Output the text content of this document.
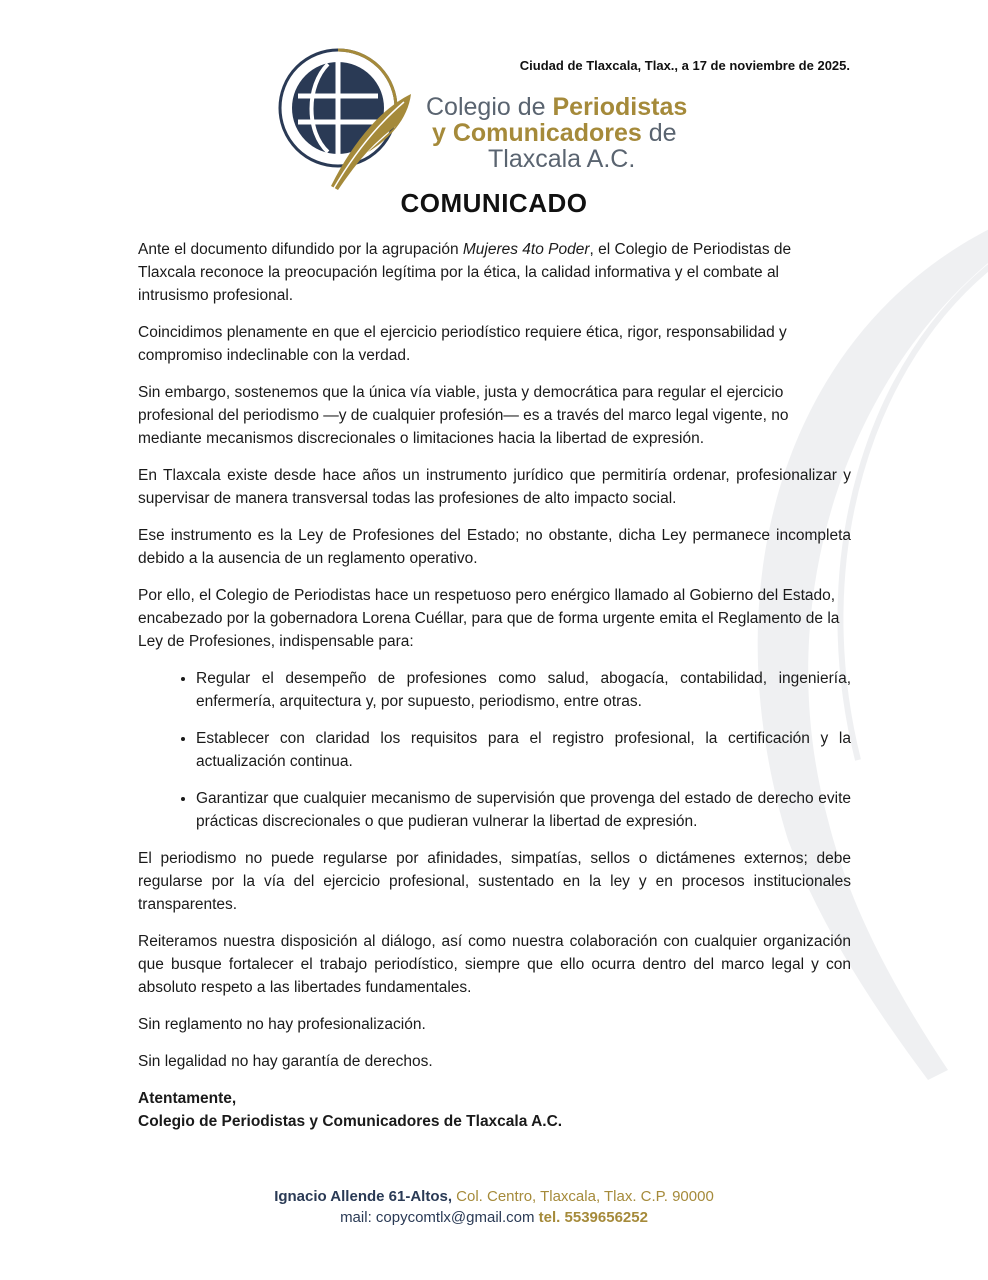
Ciudad de Tlaxcala, Tlax., a 17 de noviembre de 2025.
Colegio de Periodistas
y Comunicadores de
Tlaxcala A.C.
COMUNICADO

Ante el documento difundido por la agrupación Mujeres 4to Poder, el Colegio de Periodistas de Tlaxcala reconoce la preocupación legítima por la ética, la calidad informativa y el combate al intrusismo profesional.

Coincidimos plenamente en que el ejercicio periodístico requiere ética, rigor, responsabilidad y compromiso indeclinable con la verdad.

Sin embargo, sostenemos que la única vía viable, justa y democrática para regular el ejercicio profesional del periodismo —y de cualquier profesión— es a través del marco legal vigente, no mediante mecanismos discrecionales o limitaciones hacia la libertad de expresión.

En Tlaxcala existe desde hace años un instrumento jurídico que permitiría ordenar, profesionalizar y supervisar de manera transversal todas las profesiones de alto impacto social.

Ese instrumento es la Ley de Profesiones del Estado; no obstante, dicha Ley permanece incompleta debido a la ausencia de un reglamento operativo.

Por ello, el Colegio de Periodistas hace un respetuoso pero enérgico llamado al Gobierno del Estado, encabezado por la gobernadora Lorena Cuéllar, para que de forma urgente emita el Reglamento de la Ley de Profesiones, indispensable para:

• Regular el desempeño de profesiones como salud, abogacía, contabilidad, ingeniería, enfermería, arquitectura y, por supuesto, periodismo, entre otras.
• Establecer con claridad los requisitos para el registro profesional, la certificación y la actualización continua.
• Garantizar que cualquier mecanismo de supervisión que provenga del estado de derecho evite prácticas discrecionales o que pudieran vulnerar la libertad de expresión.

El periodismo no puede regularse por afinidades, simpatías, sellos o dictámenes externos; debe regularse por la vía del ejercicio profesional, sustentado en la ley y en procesos institucionales transparentes.

Reiteramos nuestra disposición al diálogo, así como nuestra colaboración con cualquier organización que busque fortalecer el trabajo periodístico, siempre que ello ocurra dentro del marco legal y con absoluto respeto a las libertades fundamentales.

Sin reglamento no hay profesionalización.

Sin legalidad no hay garantía de derechos.

Atentamente,
Colegio de Periodistas y Comunicadores de Tlaxcala A.C.
Ignacio Allende 61-Altos, Col. Centro, Tlaxcala, Tlax. C.P. 90000
mail: copycomtlx@gmail.com tel. 5539656252
